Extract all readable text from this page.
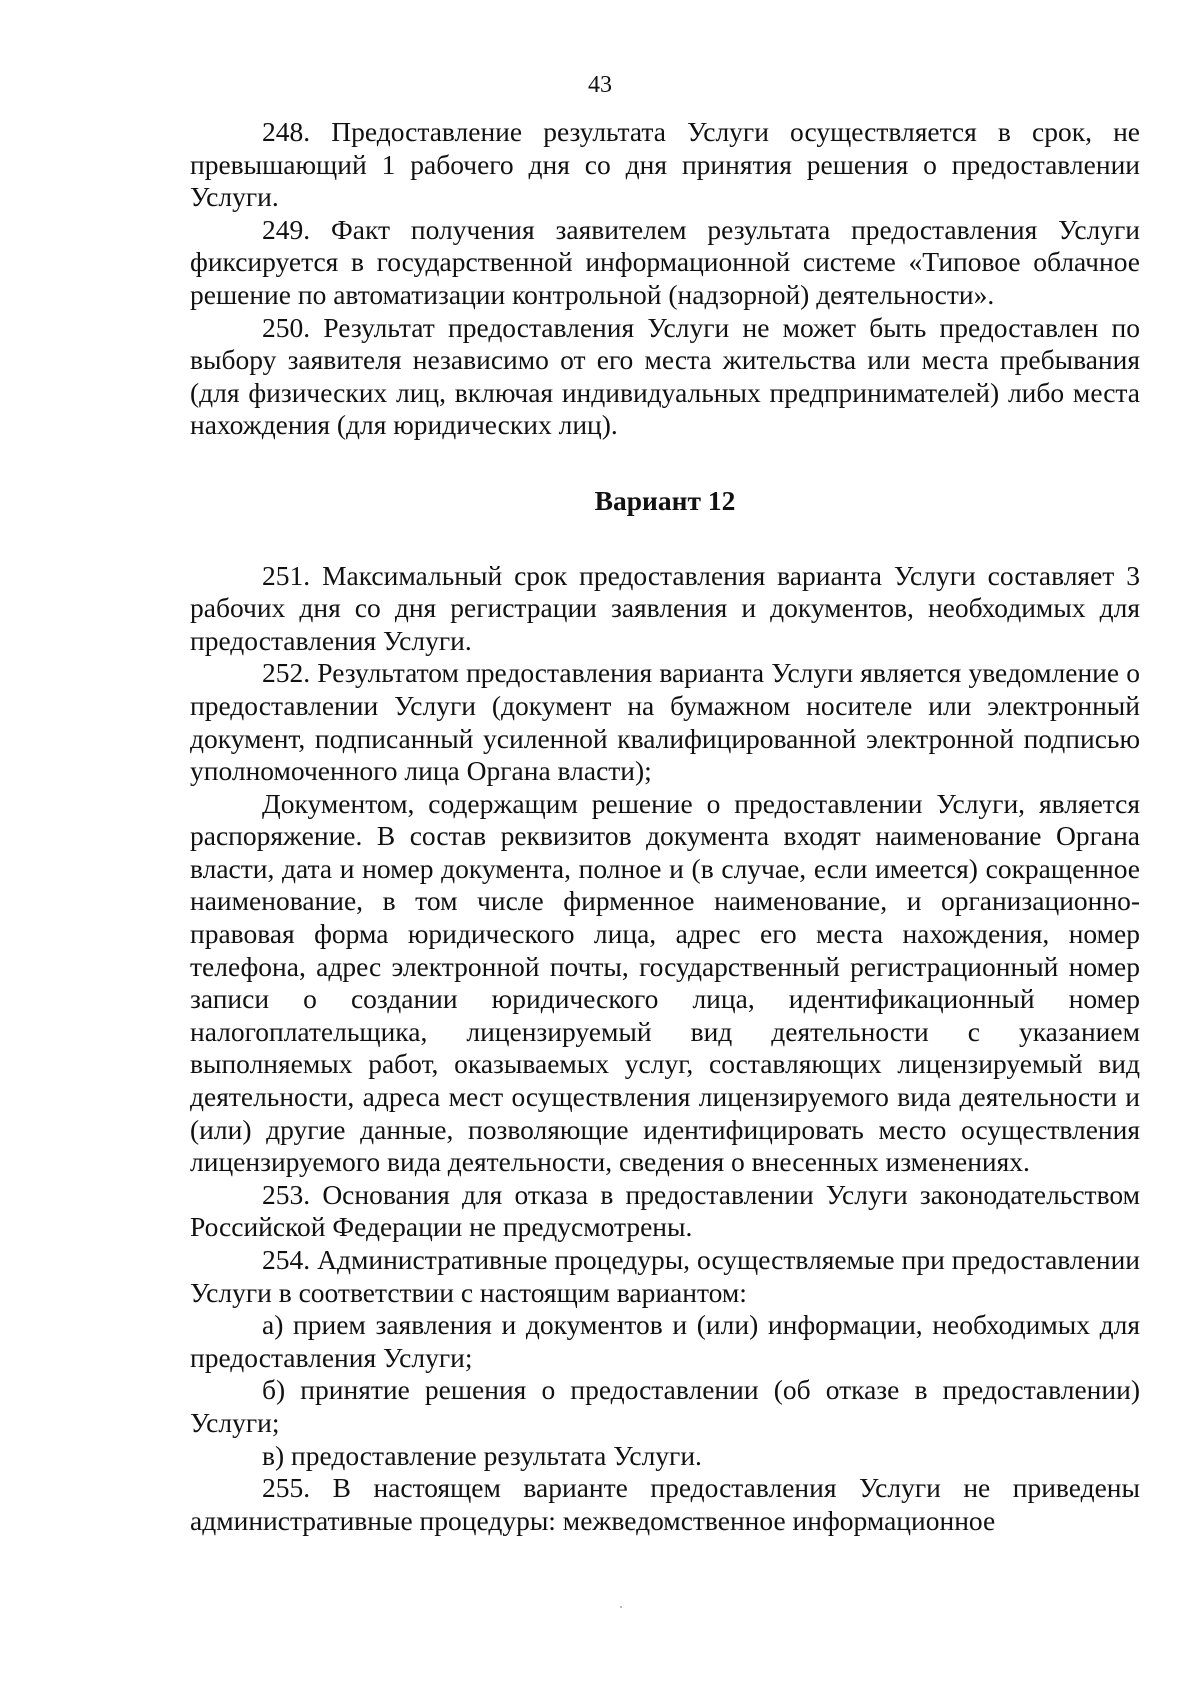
43

248. Предоставление результата Услуги осуществляется в срок, не превышающий 1 рабочего дня со дня принятия решения о предоставлении Услуги.

249. Факт получения заявителем результата предоставления Услуги фиксируется в государственной информационной системе «Типовое облачное решение по автоматизации контрольной (надзорной) деятельности».

250. Результат предоставления Услуги не может быть предоставлен по выбору заявителя независимо от его места жительства или места пребывания (для физических лиц, включая индивидуальных предпринимателей) либо места нахождения (для юридических лиц).

Вариант 12

251. Максимальный срок предоставления варианта Услуги составляет 3 рабочих дня со дня регистрации заявления и документов, необходимых для предоставления Услуги.

252. Результатом предоставления варианта Услуги является уведомление о предоставлении Услуги (документ на бумажном носителе или электронный документ, подписанный усиленной квалифицированной электронной подписью уполномоченного лица Органа власти);

Документом, содержащим решение о предоставлении Услуги, является распоряжение. В состав реквизитов документа входят наименование Органа власти, дата и номер документа, полное и (в случае, если имеется) сокращенное наименование, в том числе фирменное наименование, и организационно-правовая форма юридического лица, адрес его места нахождения, номер телефона, адрес электронной почты, государственный регистрационный номер записи о создании юридического лица, идентификационный номер налогоплательщика, лицензируемый вид деятельности с указанием выполняемых работ, оказываемых услуг, составляющих лицензируемый вид деятельности, адреса мест осуществления лицензируемого вида деятельности и (или) другие данные, позволяющие идентифицировать место осуществления лицензируемого вида деятельности, сведения о внесенных изменениях.

253. Основания для отказа в предоставлении Услуги законодательством Российской Федерации не предусмотрены.

254. Административные процедуры, осуществляемые при предоставлении Услуги в соответствии с настоящим вариантом:

а) прием заявления и документов и (или) информации, необходимых для предоставления Услуги;

б) принятие решения о предоставлении (об отказе в предоставлении) Услуги;

в) предоставление результата Услуги.

255. В настоящем варианте предоставления Услуги не приведены административные процедуры: межведомственное информационное
